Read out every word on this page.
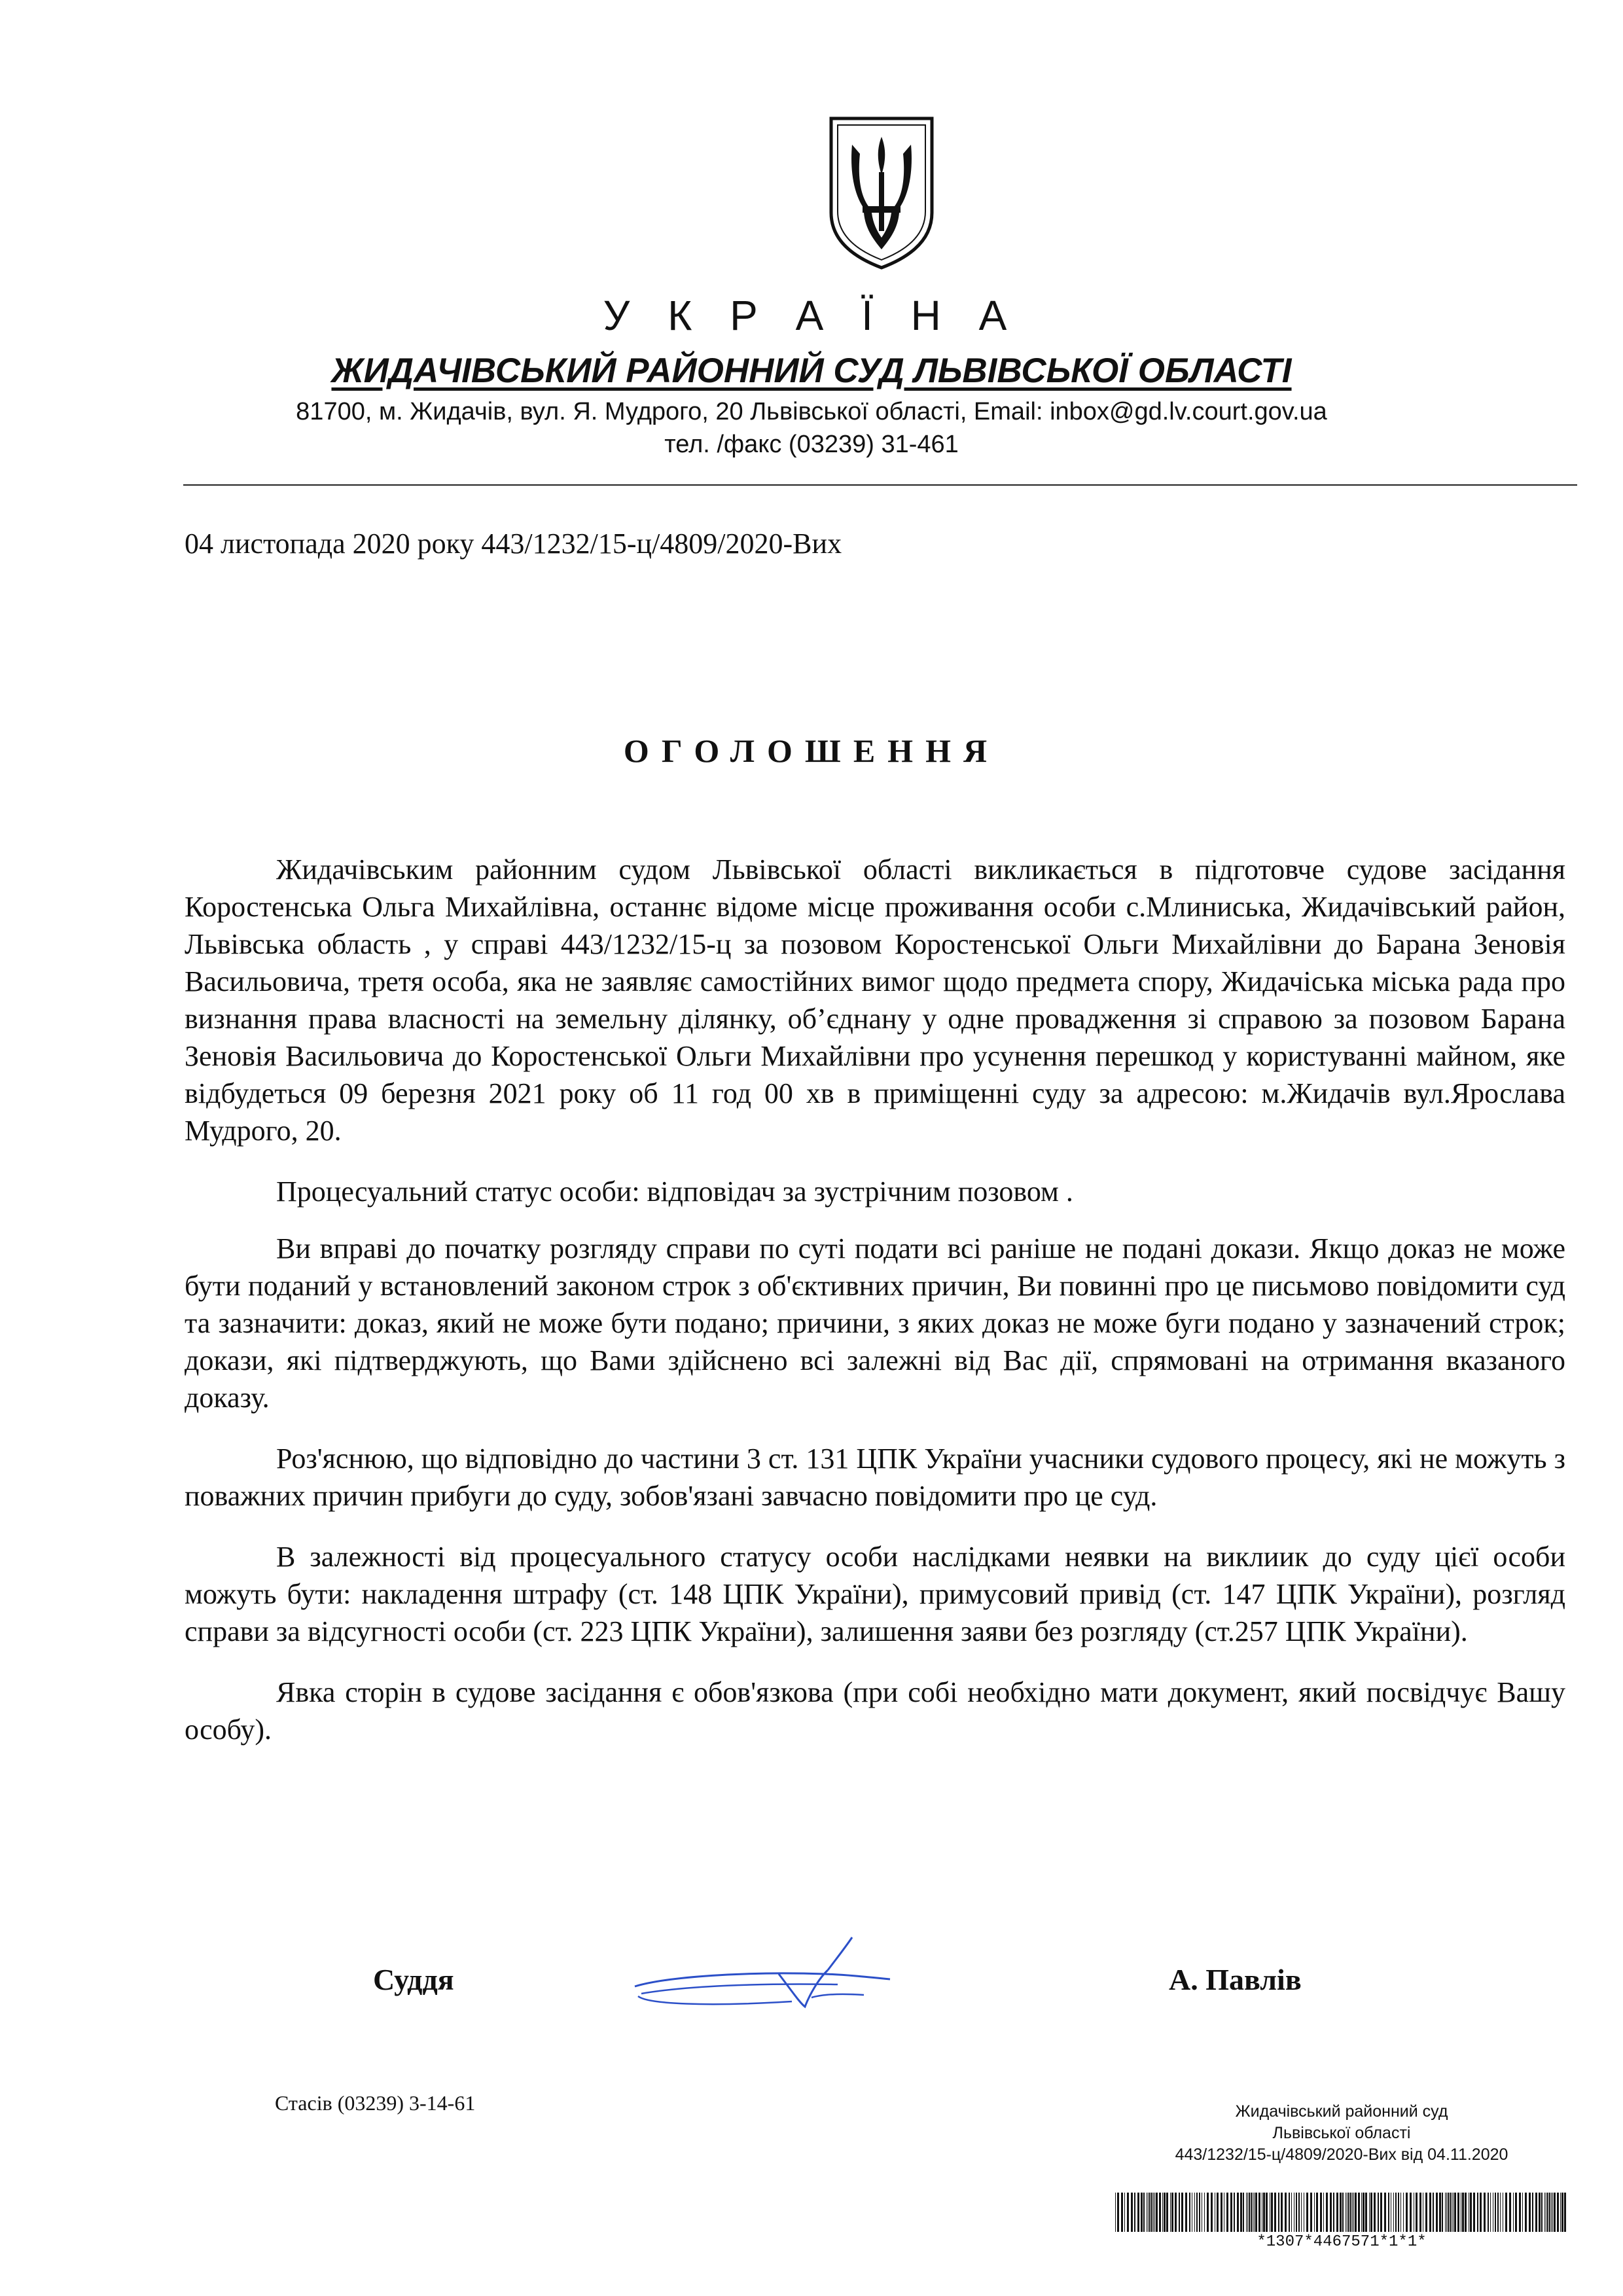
У К Р А Ї Н А
ЖИДАЧІВСЬКИЙ РАЙОННИЙ СУД ЛЬВІВСЬКОЇ ОБЛАСТІ
81700, м. Жидачів, вул. Я. Мудрого, 20 Львівської області, Email: inbox@gd.lv.court.gov.ua
тел. /факс (03239) 31-461
04 листопада 2020 року 443/1232/15-ц/4809/2020-Вих
ОГОЛОШЕННЯ

Жидачівським районним судом Львівської області викликається в підготовче судове засідання Коростенська Ольга Михайлівна, останнє відоме місце проживання особи с.Млиниська, Жидачівський район, Львівська область , у справі 443/1232/15-ц за позовом Коростенської Ольги Михайлівни до Барана Зеновія Васильовича, третя особа, яка не заявляє самостійних вимог щодо предмета спору, Жидачіська міська рада про визнання права власності на земельну ділянку, об’єднану у одне провадження зі справою за позовом Барана Зеновія Васильовича до Коростенської Ольги Михайлівни про усунення перешкод у користуванні майном, яке відбудеться 09 березня 2021 року об 11 год 00 хв в приміщенні суду за адресою: м.Жидачів вул.Ярослава Мудрого, 20.

Процесуальний статус особи: відповідач за зустрічним позовом .

Ви вправі до початку розгляду справи по суті подати всі раніше не подані докази. Якщо доказ не може бути поданий у встановлений законом строк з об'єктивних причин, Ви повинні про це письмово повідомити суд та зазначити: доказ, який не може бути подано; причини, з яких доказ не може буги подано у зазначений строк; докази, які підтверджують, що Вами здійснено всі залежні від Вас дії, спрямовані на отримання вказаного доказу.

Роз'яснюю, що відповідно до частини 3 ст. 131 ЦПК України учасники судового процесу, які не можуть з поважних причин прибуги до суду, зобов'язані завчасно повідомити про це суд.

В залежності від процесуального статусу особи наслідками неявки на виклиик до суду цієї особи можуть бути: накладення штрафу (ст. 148 ЦПК України), примусовий привід (ст. 147 ЦПК України), розгляд справи за відсугності особи (ст. 223 ЦПК України), залишення заяви без розгляду (ст.257 ЦПК України).

Явка сторін в судове засідання є обов'язкова (при собі необхідно мати документ, який посвідчує Вашу особу).

Суддя	А. Павлів
Стасів (03239) 3-14-61	Жидачівський районний суд
Львівської області
443/1232/15-ц/4809/2020-Вих від 04.11.2020
*1307*4467571*1*1*
